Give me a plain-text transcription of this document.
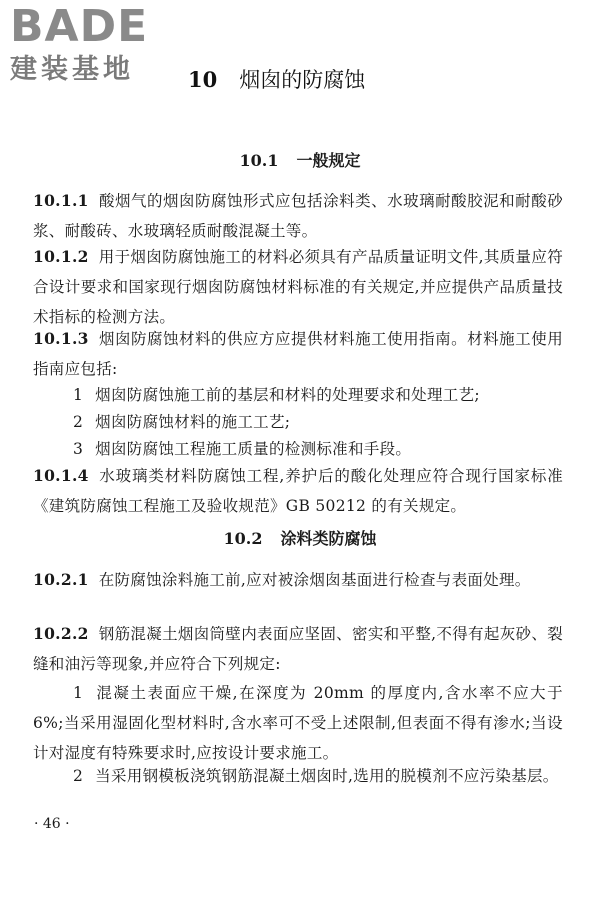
BADE
建装基地	10 烟囱的防腐蚀
10.1 一般规定
10.1.1 酸烟气的烟囱防腐蚀形式应包括涂料类、水玻璃耐酸胶泥和耐酸砂浆、耐酸砖、水玻璃轻质耐酸混凝土等。
10.1.2 用于烟囱防腐蚀施工的材料必须具有产品质量证明文件,其质量应符合设计要求和国家现行烟囱防腐蚀材料标准的有关规定,并应提供产品质量技术指标的检测方法。
10.1.3 烟囱防腐蚀材料的供应方应提供材料施工使用指南。材料施工使用指南应包括:
1 烟囱防腐蚀施工前的基层和材料的处理要求和处理工艺;
2 烟囱防腐蚀材料的施工工艺;
3 烟囱防腐蚀工程施工质量的检测标准和手段。
10.1.4 水玻璃类材料防腐蚀工程,养护后的酸化处理应符合现行国家标准《建筑防腐蚀工程施工及验收规范》GB 50212 的有关规定。
10.2 涂料类防腐蚀
10.2.1 在防腐蚀涂料施工前,应对被涂烟囱基面进行检查与表面处理。
10.2.2 钢筋混凝土烟囱筒壁内表面应坚固、密实和平整,不得有起灰砂、裂缝和油污等现象,并应符合下列规定:
1 混凝土表面应干燥,在深度为 20mm 的厚度内,含水率不应大于 6%;当采用湿固化型材料时,含水率可不受上述限制,但表面不得有渗水;当设计对湿度有特殊要求时,应按设计要求施工。
2 当采用钢模板浇筑钢筋混凝土烟囱时,选用的脱模剂不应污染基层。
· 46 ·
